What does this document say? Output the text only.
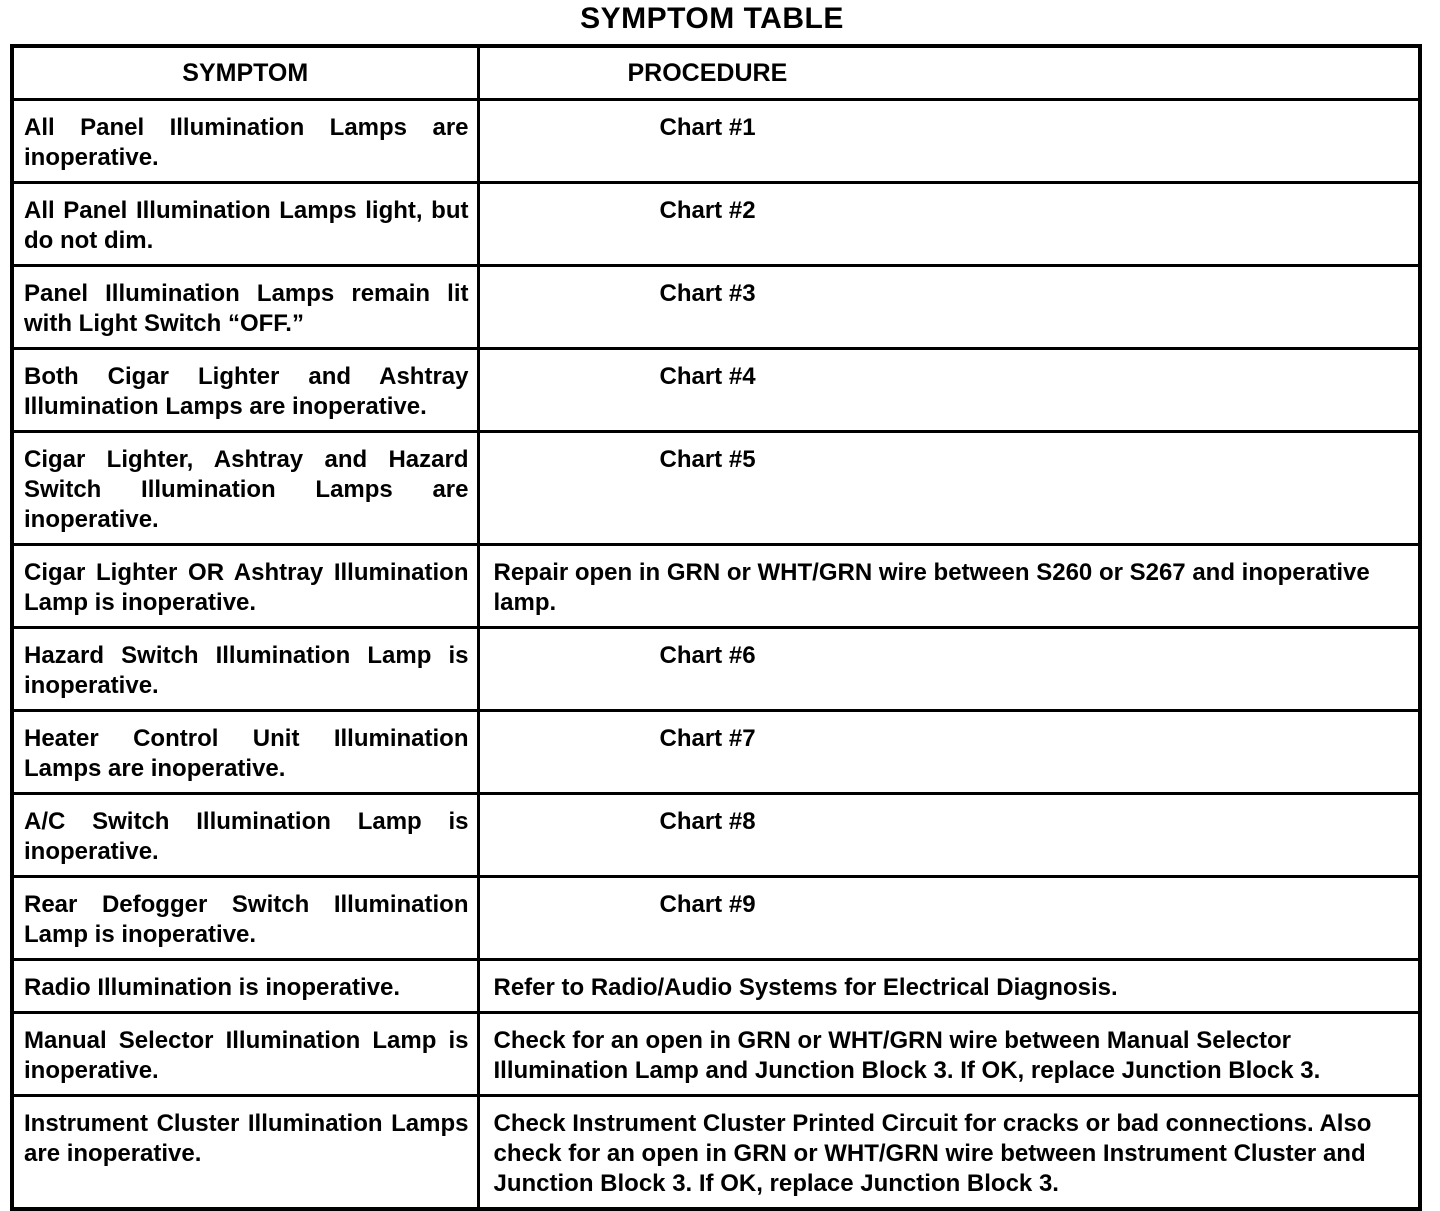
SYMPTOM TABLE
SYMPTOM	PROCEDURE
All Panel Illumination Lamps are inoperative.	Chart #1
All Panel Illumination Lamps light, but do not dim.	Chart #2
Panel Illumination Lamps remain lit with Light Switch “OFF.”	Chart #3
Both Cigar Lighter and Ashtray Illumination Lamps are inoperative.	Chart #4
Cigar Lighter, Ashtray and Hazard Switch Illumination Lamps are inoperative.	Chart #5
Cigar Lighter OR Ashtray Illumination Lamp is inoperative.	Repair open in GRN or WHT/GRN wire between S260 or S267 and inoperative lamp.
Hazard Switch Illumination Lamp is inoperative.	Chart #6
Heater Control Unit Illumination Lamps are inoperative.	Chart #7
A/C Switch Illumination Lamp is inoperative.	Chart #8
Rear Defogger Switch Illumination Lamp is inoperative.	Chart #9
Radio Illumination is inoperative.	Refer to Radio/Audio Systems for Electrical Diagnosis.
Manual Selector Illumination Lamp is inoperative.	Check for an open in GRN or WHT/GRN wire between Manual Selector Illumination Lamp and Junction Block 3. If OK, replace Junction Block 3.
Instrument Cluster Illumination Lamps are inoperative.	Check Instrument Cluster Printed Circuit for cracks or bad connections. Also check for an open in GRN or WHT/GRN wire between Instrument Cluster and Junction Block 3. If OK, replace Junction Block 3.
